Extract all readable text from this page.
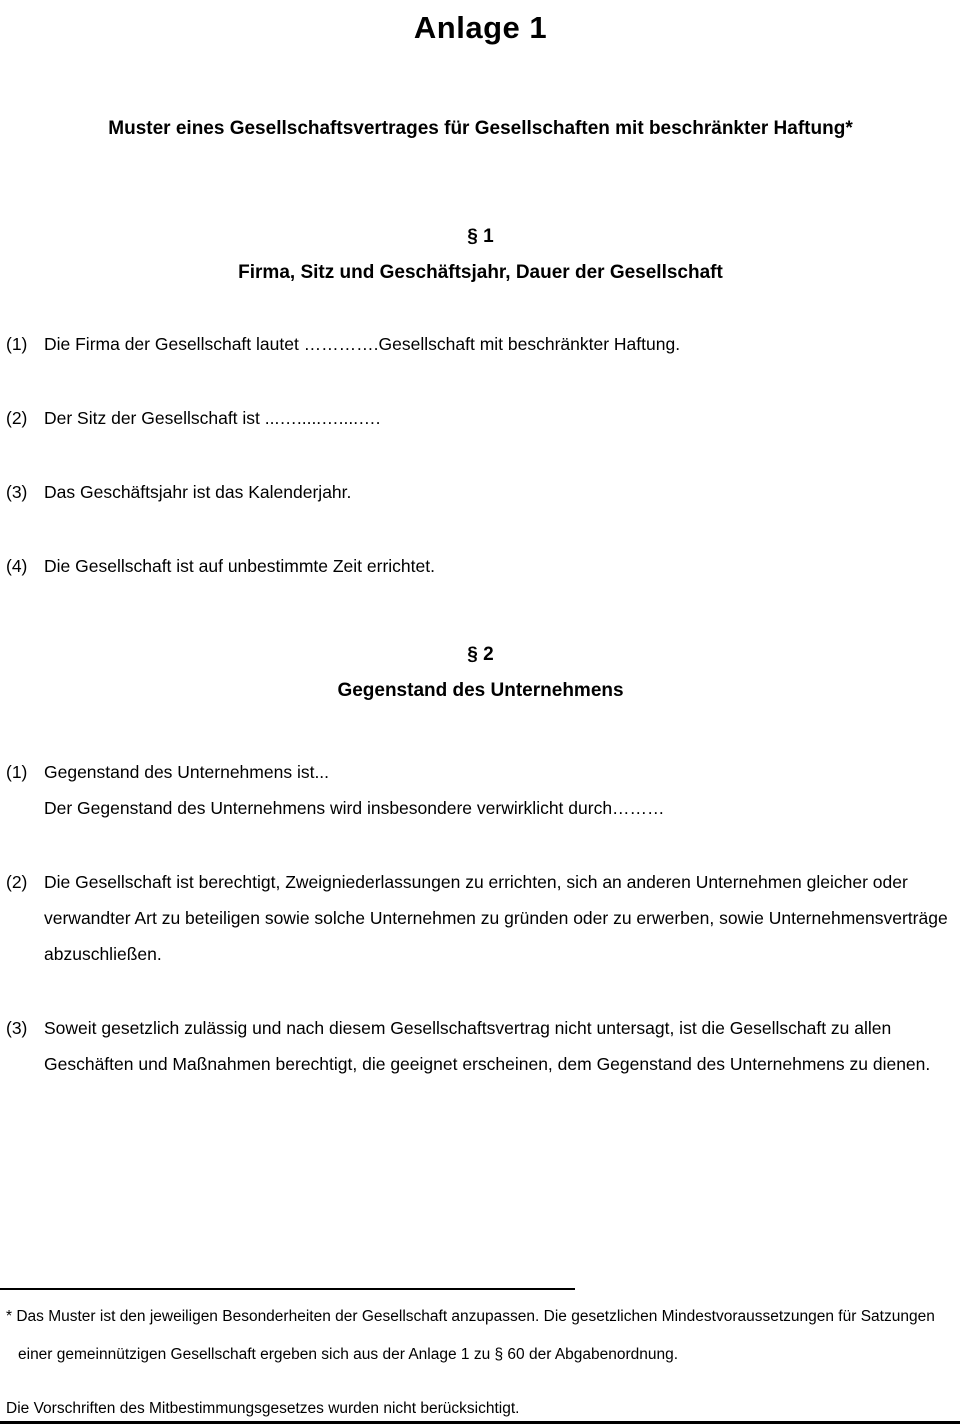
Anlage 1
Muster eines Gesellschaftsvertrages für Gesellschaften mit beschränkter Haftung*
§ 1
Firma, Sitz und Geschäftsjahr, Dauer der Gesellschaft
(1) Die Firma der Gesellschaft lautet ………….Gesellschaft mit beschränkter Haftung.
(2) Der Sitz der Gesellschaft ist ...….....…....….
(3) Das Geschäftsjahr ist das Kalenderjahr.
(4) Die Gesellschaft ist auf unbestimmte Zeit errichtet.
§ 2
Gegenstand des Unternehmens
(1) Gegenstand des Unternehmens ist...

Der Gegenstand des Unternehmens wird insbesondere verwirklicht durch………

(2) Die Gesellschaft ist berechtigt, Zweigniederlassungen zu errichten, sich an anderen Unternehmen gleicher oder verwandter Art zu beteiligen sowie solche Unternehmen zu gründen oder zu erwerben, sowie Unternehmensverträge abzuschließen.
(3) Soweit gesetzlich zulässig und nach diesem Gesellschaftsvertrag nicht untersagt, ist die Gesellschaft zu allen Geschäften und Maßnahmen berechtigt, die geeignet erscheinen, dem Gegenstand des Unternehmens zu dienen.

* Das Muster ist den jeweiligen Besonderheiten der Gesellschaft anzupassen. Die gesetzlichen Mindestvoraussetzungen für Satzungen einer gemeinnützigen Gesellschaft ergeben sich aus der Anlage 1 zu § 60 der Abgabenordnung.

Die Vorschriften des Mitbestimmungsgesetzes wurden nicht berücksichtigt.
